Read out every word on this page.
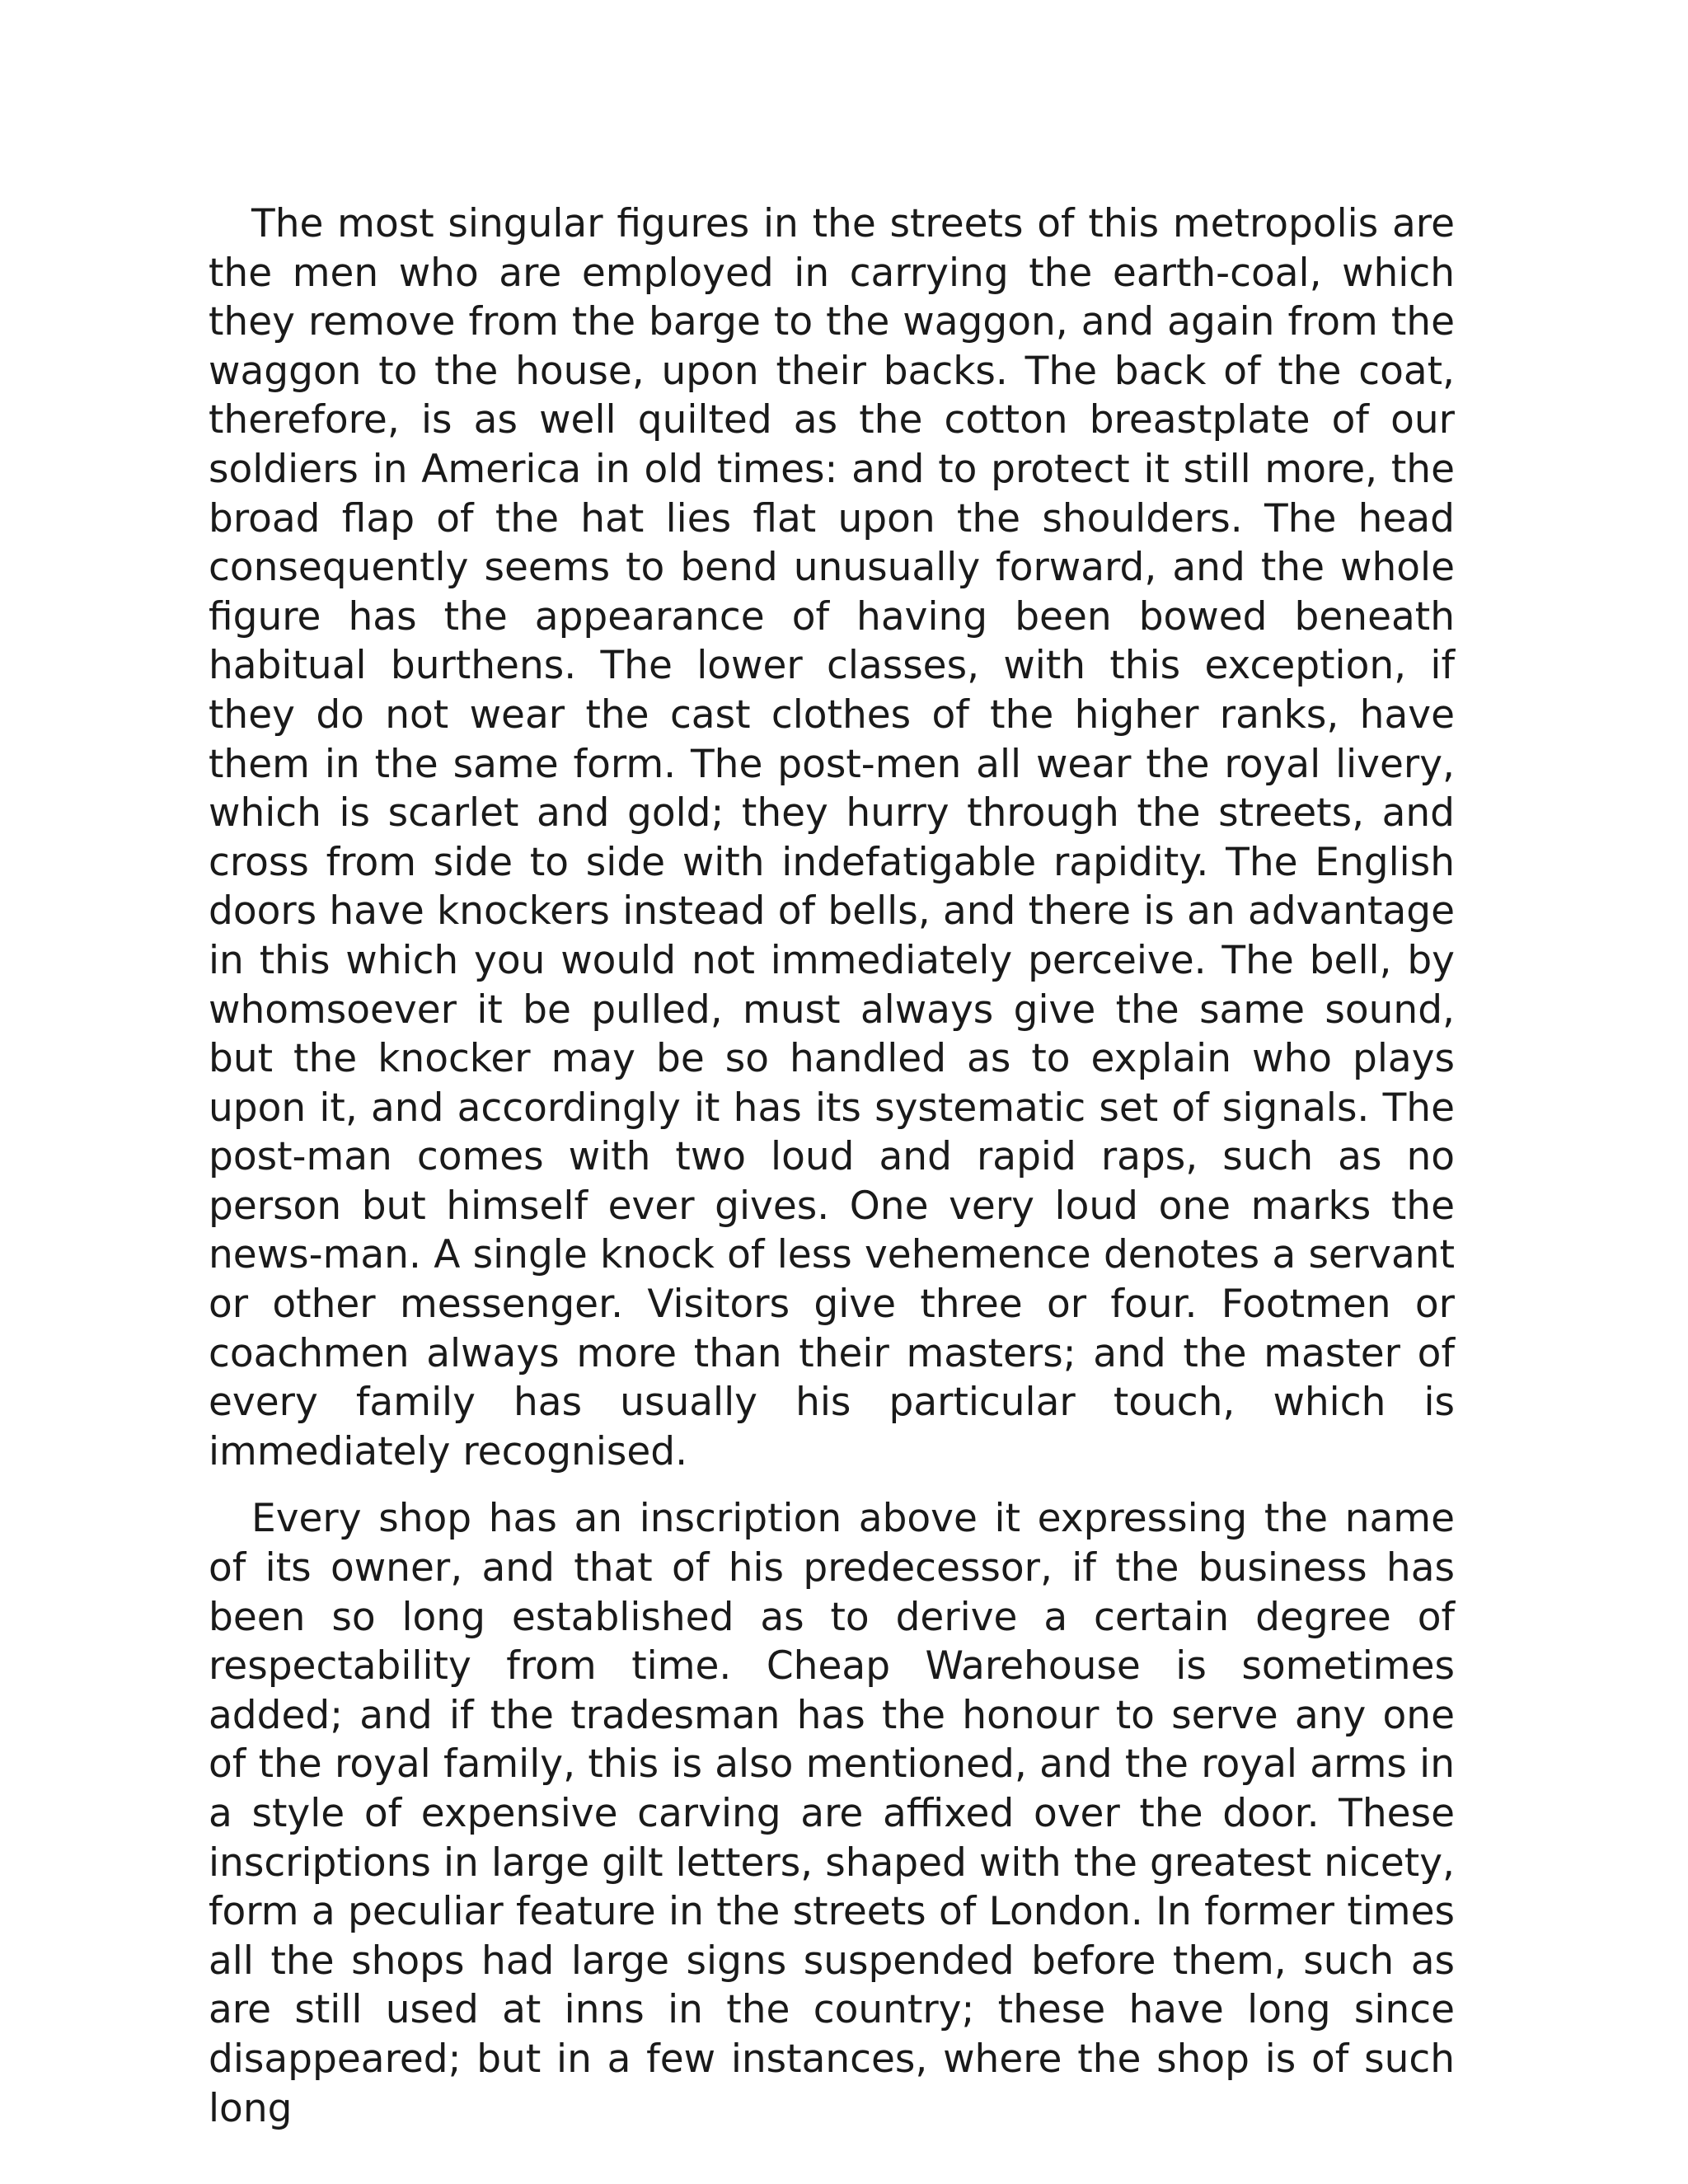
The most singular figures in the streets of this metropolis are the men who are employed in carrying the earth-coal, which they remove from the barge to the waggon, and again from the waggon to the house, upon their backs. The back of the coat, therefore, is as well quilted as the cotton breastplate of our soldiers in America in old times: and to protect it still more, the broad flap of the hat lies flat upon the shoulders. The head consequently seems to bend unusually forward, and the whole figure has the appearance of having been bowed beneath habitual burthens. The lower classes, with this exception, if they do not wear the cast clothes of the higher ranks, have them in the same form. The post-men all wear the royal livery, which is scarlet and gold; they hurry through the streets, and cross from side to side with indefatigable rapidity. The English doors have knockers instead of bells, and there is an advantage in this which you would not immediately perceive. The bell, by whomsoever it be pulled, must always give the same sound, but the knocker may be so handled as to explain who plays upon it, and accordingly it has its systematic set of signals. The post-man comes with two loud and rapid raps, such as no person but himself ever gives. One very loud one marks the news-man. A single knock of less vehemence denotes a servant or other messenger. Visitors give three or four. Footmen or coachmen always more than their masters; and the master of every family has usually his particular touch, which is immediately recognised.

Every shop has an inscription above it expressing the name of its owner, and that of his predecessor, if the business has been so long established as to derive a certain degree of respectability from time. Cheap Warehouse is sometimes added; and if the tradesman has the honour to serve any one of the royal family, this is also mentioned, and the royal arms in a style of expensive carving are affixed over the door. These inscriptions in large gilt letters, shaped with the greatest nicety, form a peculiar feature in the streets of London. In former times all the shops had large signs suspended before them, such as are still used at inns in the country; these have long since disappeared; but in a few instances, where the shop is of such long
